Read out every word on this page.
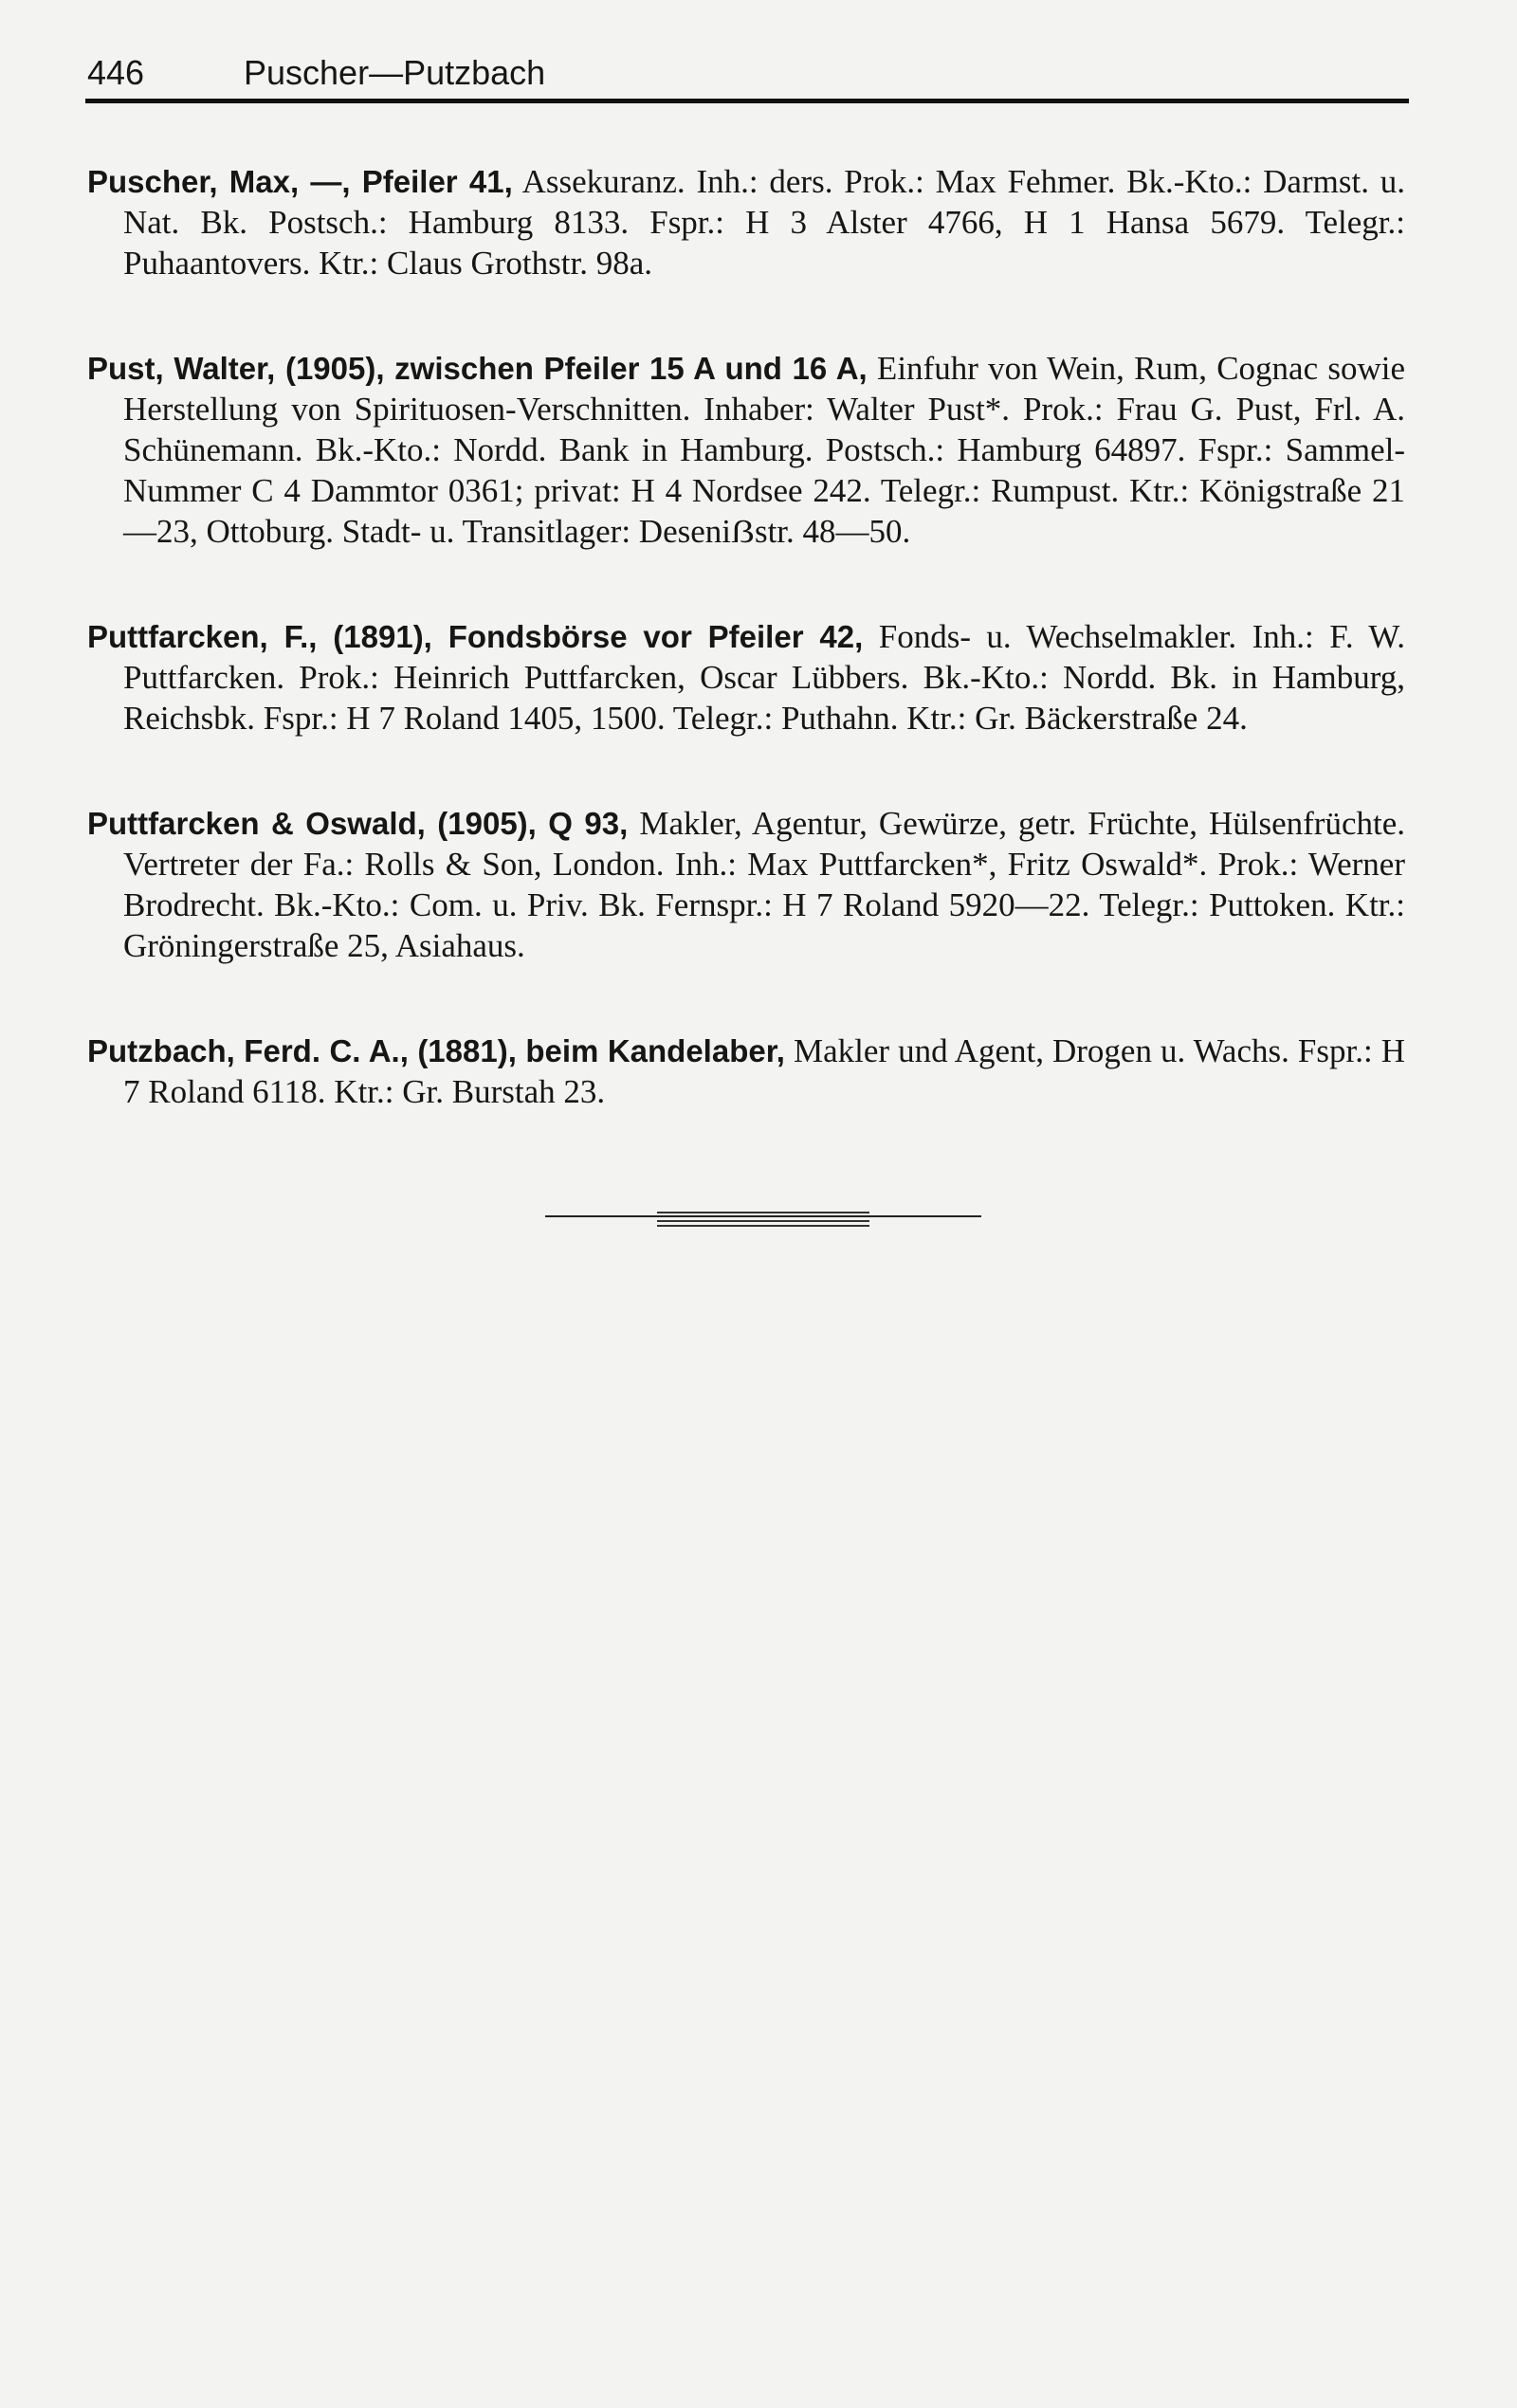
446	Puscher—Putzbach

Puscher, Max, —, Pfeiler 41, Assekuranz. Inh.: ders. Prok.: Max Fehmer. Bk.-Kto.: Darmst. u. Nat. Bk. Postsch.: Hamburg 8133. Fspr.: H 3 Alster 4766, H 1 Hansa 5679. Telegr.: Puhaantovers. Ktr.: Claus Grothstr. 98a.

Pust, Walter, (1905), zwischen Pfeiler 15 A und 16 A, Einfuhr von Wein, Rum, Cognac sowie Herstellung von Spirituosen-Verschnitten. Inhaber: Walter Pust*. Prok.: Frau G. Pust, Frl. A. Schünemann. Bk.-Kto.: Nordd. Bank in Hamburg. Postsch.: Hamburg 64897. Fspr.: Sammel-Nummer C 4 Dammtor 0361; privat: H 4 Nordsee 242. Telegr.: Rumpust. Ktr.: Königstraße 21—23, Ottoburg. Stadt- u. Transitlager: Deseniẞstr. 48—50.

Puttfarcken, F., (1891), Fondsbörse vor Pfeiler 42, Fonds- u. Wechselmakler. Inh.: F. W. Puttfarcken. Prok.: Heinrich Puttfarcken, Oscar Lübbers. Bk.-Kto.: Nordd. Bk. in Hamburg, Reichsbk. Fspr.: H 7 Roland 1405, 1500. Telegr.: Puthahn. Ktr.: Gr. Bäckerstraße 24.

Puttfarcken & Oswald, (1905), Q 93, Makler, Agentur, Gewürze, getr. Früchte, Hülsenfrüchte. Vertreter der Fa.: Rolls & Son, London. Inh.: Max Puttfarcken*, Fritz Oswald*. Prok.: Werner Brodrecht. Bk.-Kto.: Com. u. Priv. Bk. Fernspr.: H 7 Roland 5920—22. Telegr.: Puttoken. Ktr.: Gröningerstraße 25, Asiahaus.

Putzbach, Ferd. C. A., (1881), beim Kandelaber, Makler und Agent, Drogen u. Wachs. Fspr.: H 7 Roland 6118. Ktr.: Gr. Burstah 23.
